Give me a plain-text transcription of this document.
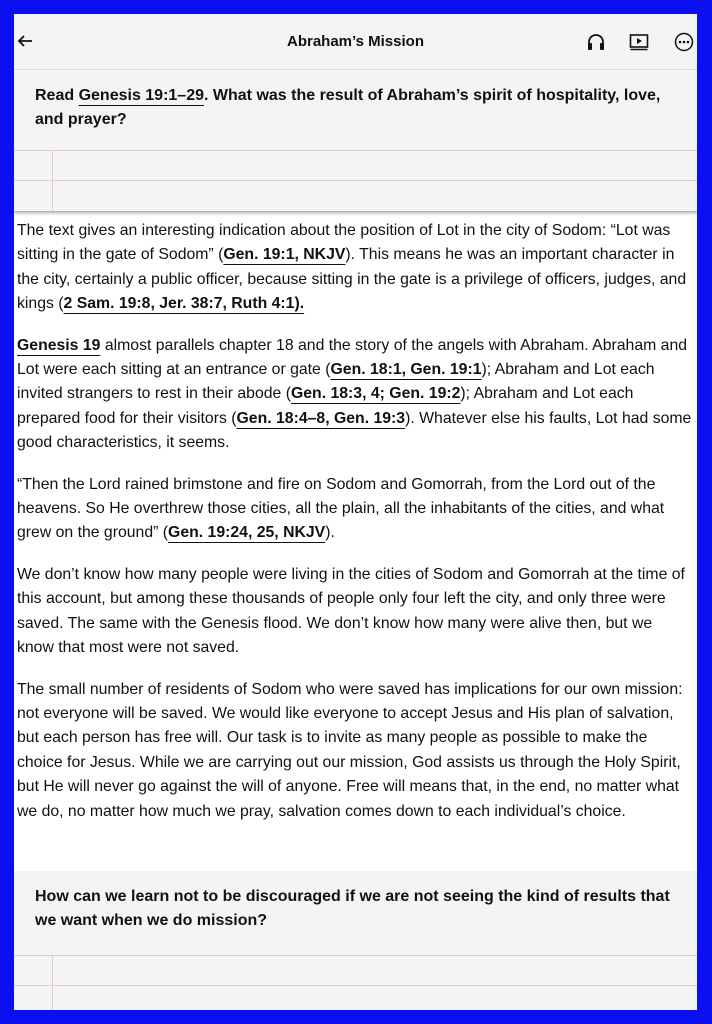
Abraham’s Mission
Read Genesis 19:1–29. What was the result of Abraham’s spirit of hospitality, love, and prayer?

The text gives an interesting indication about the position of Lot in the city of Sodom: “Lot was sitting in the gate of Sodom” (Gen. 19:1, NKJV). This means he was an important character in the city, certainly a public officer, because sitting in the gate is a privilege of officers, judges, and kings (2 Sam. 19:8, Jer. 38:7, Ruth 4:1).

Genesis 19 almost parallels chapter 18 and the story of the angels with Abraham. Abraham and Lot were each sitting at an entrance or gate (Gen. 18:1, Gen. 19:1); Abraham and Lot each invited strangers to rest in their abode (Gen. 18:3, 4; Gen. 19:2); Abraham and Lot each prepared food for their visitors (Gen. 18:4–8, Gen. 19:3). Whatever else his faults, Lot had some good characteristics, it seems.

“Then the Lord rained brimstone and fire on Sodom and Gomorrah, from the Lord out of the heavens. So He overthrew those cities, all the plain, all the inhabitants of the cities, and what grew on the ground” (Gen. 19:24, 25, NKJV).

We don’t know how many people were living in the cities of Sodom and Gomorrah at the time of this account, but among these thousands of people only four left the city, and only three were saved. The same with the Genesis flood. We don’t know how many were alive then, but we know that most were not saved.

The small number of residents of Sodom who were saved has implications for our own mission: not everyone will be saved. We would like everyone to accept Jesus and His plan of salvation, but each person has free will. Our task is to invite as many people as possible to make the choice for Jesus. While we are carrying out our mission, God assists us through the Holy Spirit, but He will never go against the will of anyone. Free will means that, in the end, no matter what we do, no matter how much we pray, salvation comes down to each individual’s choice.

How can we learn not to be discouraged if we are not seeing the kind of results that we want when we do mission?
